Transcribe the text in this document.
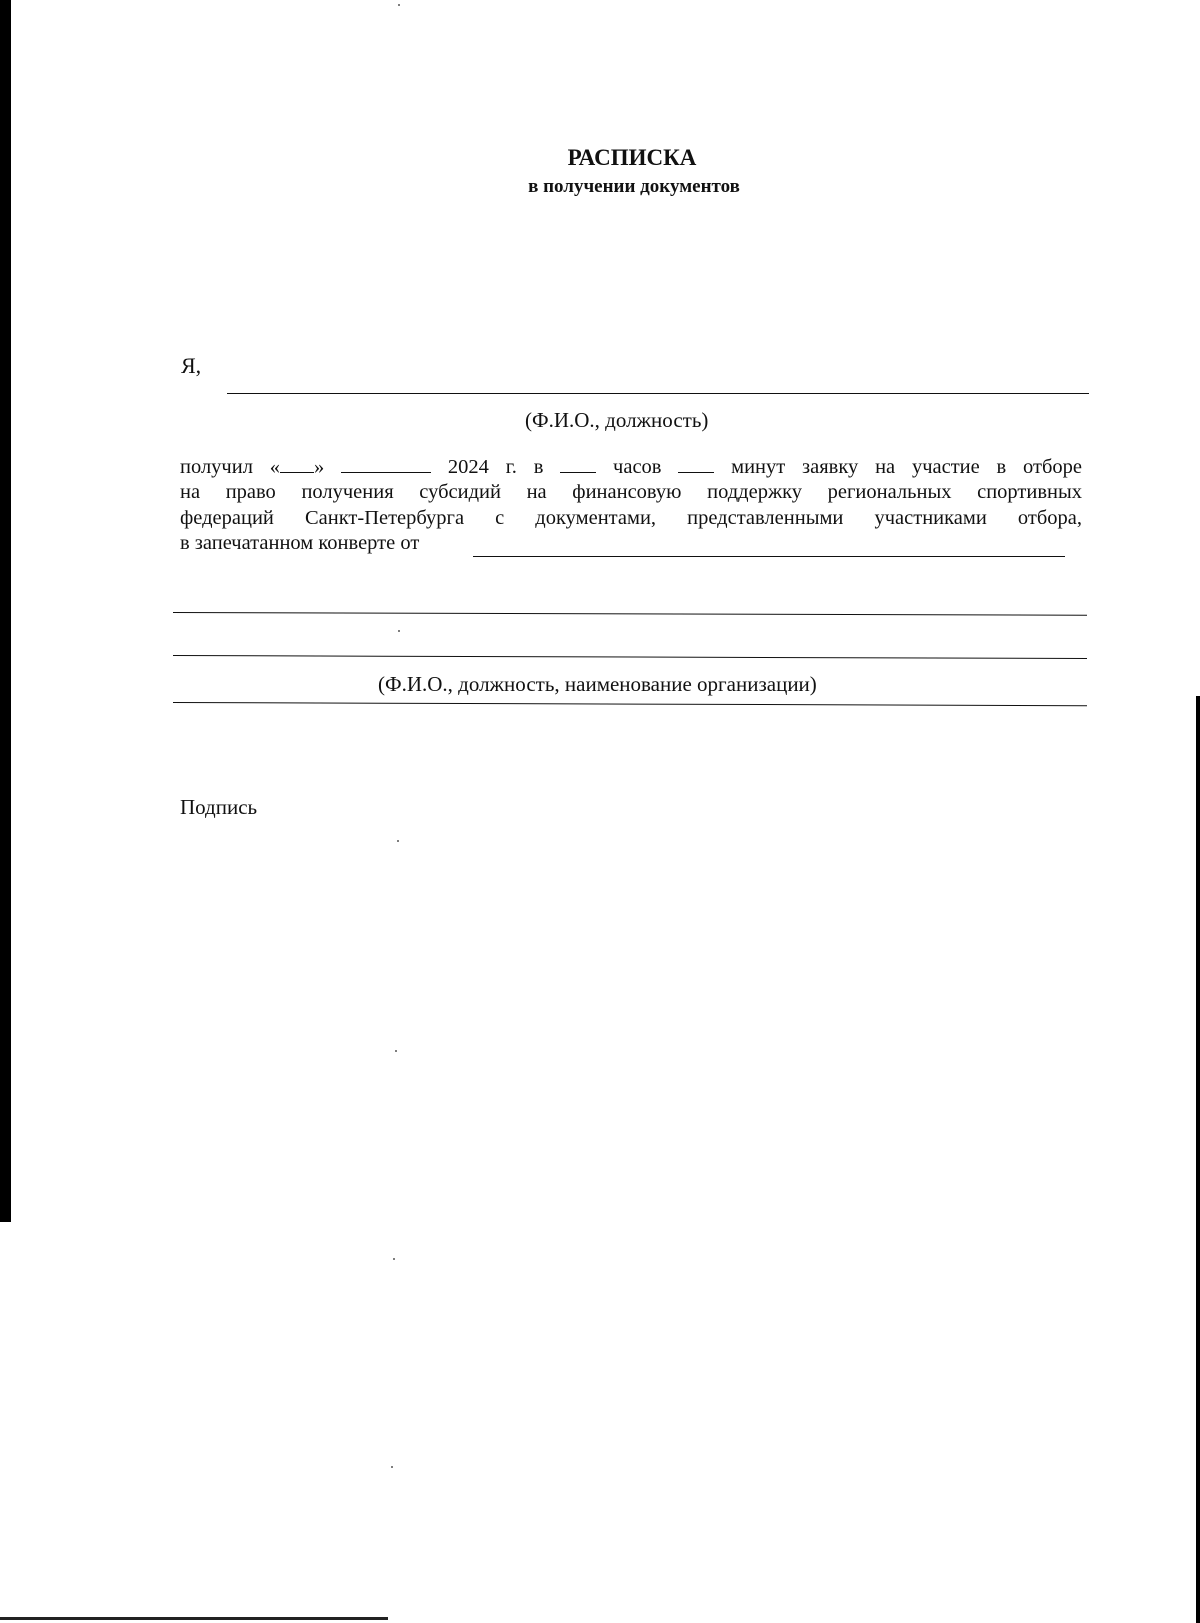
РАСПИСКА
в получении документов
Я,
(Ф.И.О., должность)
получил « »	2024 г. в	часов	минут заявку на участие в отборе
на право получения субсидий на финансовую поддержку региональных спортивных
федераций Санкт-Петербурга с документами, представленными участниками отбора,
в запечатанном конверте от
(Ф.И.О., должность, наименование организации)
Подпись
